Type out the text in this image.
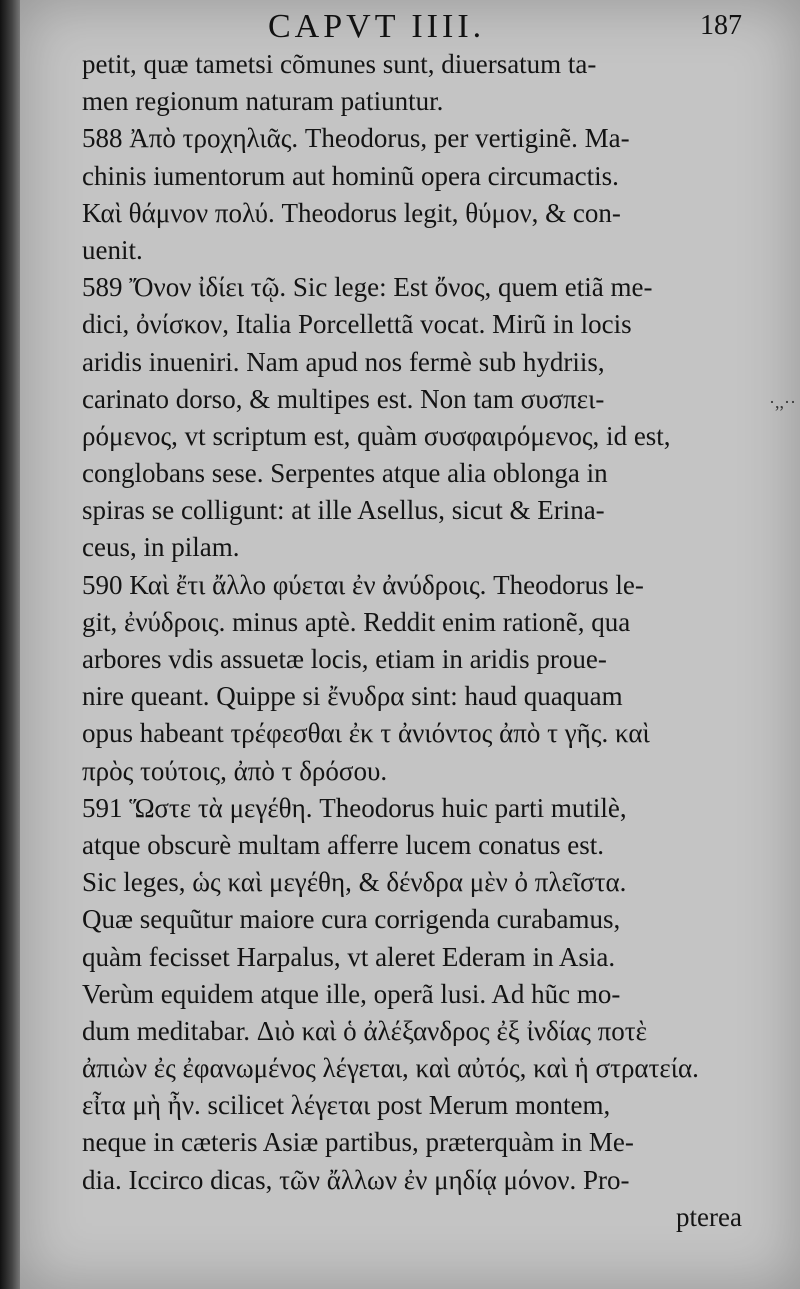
CAPVT IIII.	187
petit, quæ tametsi cõmunes sunt, diuersatum ta-
men regionum naturam patiuntur.
588 Ἀπὸ τροχηλιᾶς. Theodorus, per vertiginẽ. Ma-
chinis iumentorum aut hominũ opera circumactis.
Καὶ θάμνον πολύ. Theodorus legit, θύμον, & con-
uenit.
589 Ὄνον ἰδίει τῷ. Sic lege: Est ὄνος, quem etiã me-
dici, ὀνίσκον, Italia Porcellettã vocat. Mirũ in locis
aridis inueniri. Nam apud nos fermè sub hydriis,
carinato dorso, & multipes est. Non tam συσπει-
ρόμενος, vt scriptum est, quàm συσφαιρόμενος, id est,
conglobans sese. Serpentes atque alia oblonga in
spiras se colligunt: at ille Asellus, sicut & Erina-
ceus, in pilam.
590 Καὶ ἔτι ἄλλο φύεται ἐν ἀνύδροις. Theodorus le-
git, ἐνύδροις. minus aptè. Reddit enim rationẽ, qua
arbores vdis assuetæ locis, etiam in aridis proue-
nire queant. Quippe si ἔνυδρα sint: haud quaquam
opus habeant τρέφεσθαι ἐκ τ ἀνιόντος ἀπὸ τ γῆς. καὶ
πρὸς τούτοις, ἀπὸ τ δρόσου.
591 Ὥστε τὰ μεγέθη. Theodorus huic parti mutilè,
atque obscurè multam afferre lucem conatus est.
Sic leges, ὡς καὶ μεγέθη, & δένδρα μὲν ὀ πλεῖστα.
Quæ sequũtur maiore cura corrigenda curabamus,
quàm fecisset Harpalus, vt aleret Ederam in Asia.
Verùm equidem atque ille, operã lusi. Ad hũc mo-
dum meditabar. Διὸ καὶ ὁ ἀλέξανδρος ἐξ ἰνδίας ποτὲ
ἀπιὼν ἐς ἐφανωμένος λέγεται, καὶ αὐτός, καὶ ἡ στρατεία.
εἶτα μὴ ἦν. scilicet λέγεται post Merum montem,
neque in cæteris Asiæ partibus, præterquàm in Me-
dia. Iccirco dicas, τῶν ἄλλων ἐν μηδίᾳ μόνον. Pro-
pterea
·,,··
